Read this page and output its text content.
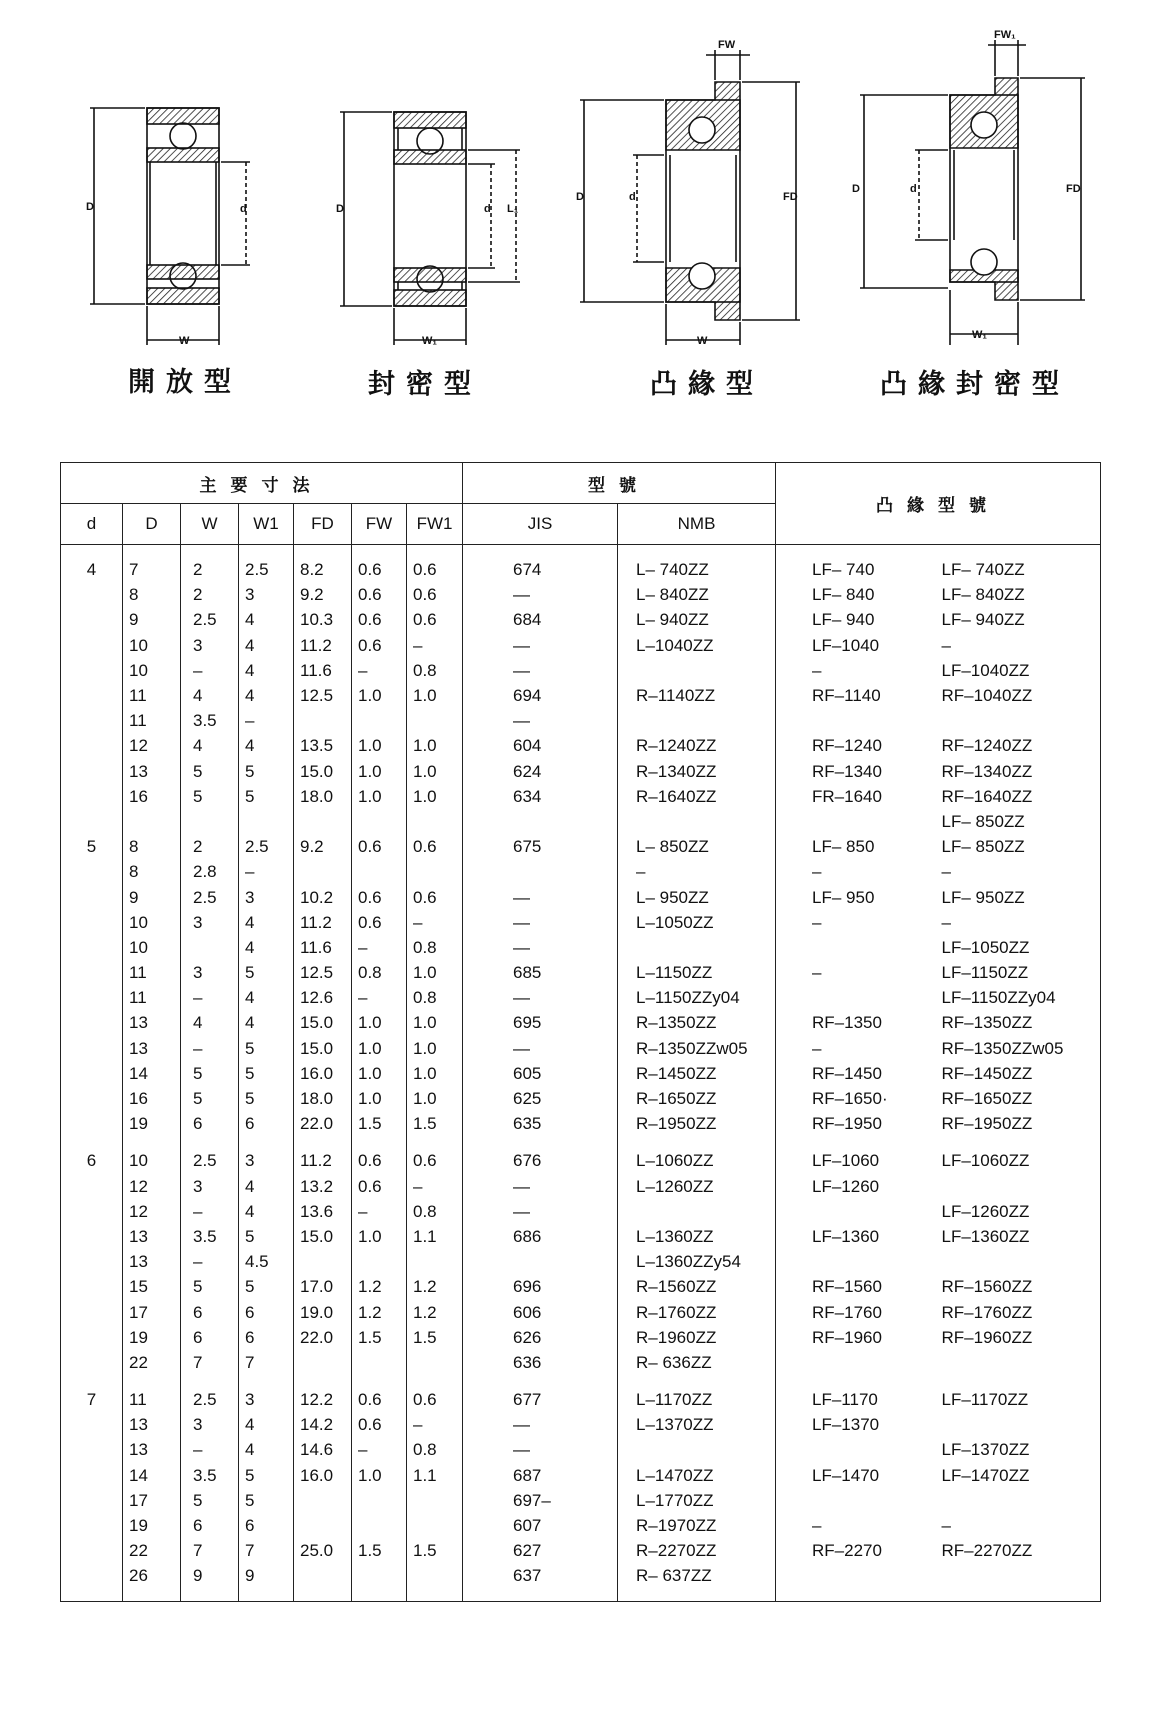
D	d
W
D	d L₁
W₁
FW
D	d	FD
W
FW₁
D	d	FD
W₁
開放型	封密型	凸緣型	凸緣封密型
主要寸法							型號		凸緣型號	
d	D	W	W1	FD	FW	FW1	JIS	NMB		

4	7	2	2.5	8.2	0.6	0.6	674	L– 740ZZ	LF– 740	LF– 740ZZ
	8	2	3	9.2	0.6	0.6	—	L– 840ZZ	LF– 840	LF– 840ZZ
	9	2.5	4	10.3	0.6	0.6	684	L– 940ZZ	LF– 940	LF– 940ZZ
	10	3	4	11.2	0.6	–	—	L–1040ZZ	LF–1040	–
	10	–	4	11.6	–	0.8	—		–	LF–1040ZZ
	11	4	4	12.5	1.0	1.0	694	R–1140ZZ	RF–1140	RF–1040ZZ
	11	3.5	–				—			
	12	4	4	13.5	1.0	1.0	604	R–1240ZZ	RF–1240	RF–1240ZZ
	13	5	5	15.0	1.0	1.0	624	R–1340ZZ	RF–1340	RF–1340ZZ
	16	5	5	18.0	1.0	1.0	634	R–1640ZZ	FR–1640	RF–1640ZZ
										LF– 850ZZ
5	8	2	2.5	9.2	0.6	0.6	675	L– 850ZZ	LF– 850	LF– 850ZZ
	8	2.8	–					–	–	–
	9	2.5	3	10.2	0.6	0.6	—	L– 950ZZ	LF– 950	LF– 950ZZ
	10	3	4	11.2	0.6	–	—	L–1050ZZ	–	–
	10		4	11.6	–	0.8	—			LF–1050ZZ
	11	3	5	12.5	0.8	1.0	685	L–1150ZZ	–	LF–1150ZZ
	11	–	4	12.6	–	0.8	—	L–1150ZZy04		LF–1150ZZy04
	13	4	4	15.0	1.0	1.0	695	R–1350ZZ	RF–1350	RF–1350ZZ
	13	–	5	15.0	1.0	1.0	—	R–1350ZZw05	–	RF–1350ZZw05
	14	5	5	16.0	1.0	1.0	605	R–1450ZZ	RF–1450	RF–1450ZZ
	16	5	5	18.0	1.0	1.0	625	R–1650ZZ	RF–1650·	RF–1650ZZ
	19	6	6	22.0	1.5	1.5	635	R–1950ZZ	RF–1950	RF–1950ZZ

6	10	2.5	3	11.2	0.6	0.6	676	L–1060ZZ	LF–1060	LF–1060ZZ
	12	3	4	13.2	0.6	–	—	L–1260ZZ	LF–1260	
	12	–	4	13.6	–	0.8	—			LF–1260ZZ
	13	3.5	5	15.0	1.0	1.1	686	L–1360ZZ	LF–1360	LF–1360ZZ
	13	–	4.5					L–1360ZZy54		
	15	5	5	17.0	1.2	1.2	696	R–1560ZZ	RF–1560	RF–1560ZZ
	17	6	6	19.0	1.2	1.2	606	R–1760ZZ	RF–1760	RF–1760ZZ
	19	6	6	22.0	1.5	1.5	626	R–1960ZZ	RF–1960	RF–1960ZZ
	22	7	7				636	R– 636ZZ		

7	11	2.5	3	12.2	0.6	0.6	677	L–1170ZZ	LF–1170	LF–1170ZZ
	13	3	4	14.2	0.6	–	—	L–1370ZZ	LF–1370	
	13	–	4	14.6	–	0.8	—			LF–1370ZZ
	14	3.5	5	16.0	1.0	1.1	687	L–1470ZZ	LF–1470	LF–1470ZZ
	17	5	5				697–	L–1770ZZ		
	19	6	6				607	R–1970ZZ	–	–
	22	7	7	25.0	1.5	1.5	627	R–2270ZZ	RF–2270	RF–2270ZZ
	26	9	9				637	R– 637ZZ		
